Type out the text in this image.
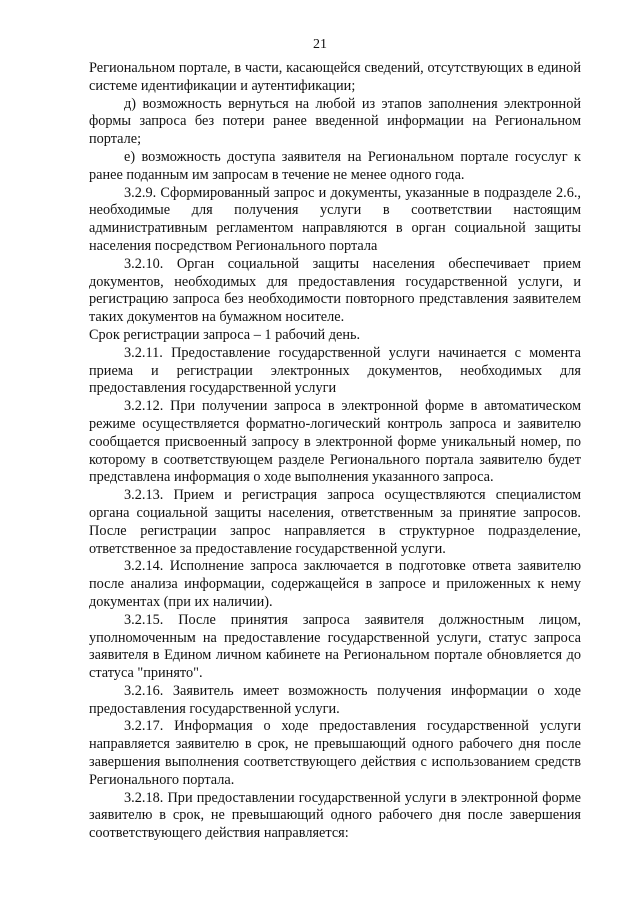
21

Региональном портале, в части, касающейся сведений, отсутствующих в единой системе идентификации и аутентификации;

д) возможность вернуться на любой из этапов заполнения электронной формы запроса без потери ранее введенной информации на Региональном портале;

е) возможность доступа заявителя на Региональном портале госуслуг к ранее поданным им запросам в течение не менее одного года.

3.2.9. Сформированный запрос и документы, указанные в подразделе 2.6., необходимые для получения услуги в соответствии настоящим административным регламентом направляются в орган социальной защиты населения посредством Регионального портала

3.2.10. Орган социальной защиты населения обеспечивает прием документов, необходимых для предоставления государственной услуги, и регистрацию запроса без необходимости повторного представления заявителем таких документов на бумажном носителе.

Срок регистрации запроса – 1 рабочий день.

3.2.11. Предоставление государственной услуги начинается с момента приема и регистрации электронных документов, необходимых для предоставления государственной услуги

3.2.12. При получении запроса в электронной форме в автоматическом режиме осуществляется форматно-логический контроль запроса и заявителю сообщается присвоенный запросу в электронной форме уникальный номер, по которому в соответствующем разделе Регионального портала заявителю будет представлена информация о ходе выполнения указанного запроса.

3.2.13. Прием и регистрация запроса осуществляются специалистом органа социальной защиты населения, ответственным за принятие запросов. После регистрации запрос направляется в структурное подразделение, ответственное за предоставление государственной услуги.

3.2.14. Исполнение запроса заключается в подготовке ответа заявителю после анализа информации, содержащейся в запросе и приложенных к нему документах (при их наличии).

3.2.15. После принятия запроса заявителя должностным лицом, уполномоченным на предоставление государственной услуги, статус запроса заявителя в Едином личном кабинете на Региональном портале обновляется до статуса "принято".

3.2.16. Заявитель имеет возможность получения информации о ходе предоставления государственной услуги.

3.2.17. Информация о ходе предоставления государственной услуги направляется заявителю в срок, не превышающий одного рабочего дня после завершения выполнения соответствующего действия с использованием средств Регионального портала.

3.2.18. При предоставлении государственной услуги в электронной форме заявителю в срок, не превышающий одного рабочего дня после завершения соответствующего действия направляется:
